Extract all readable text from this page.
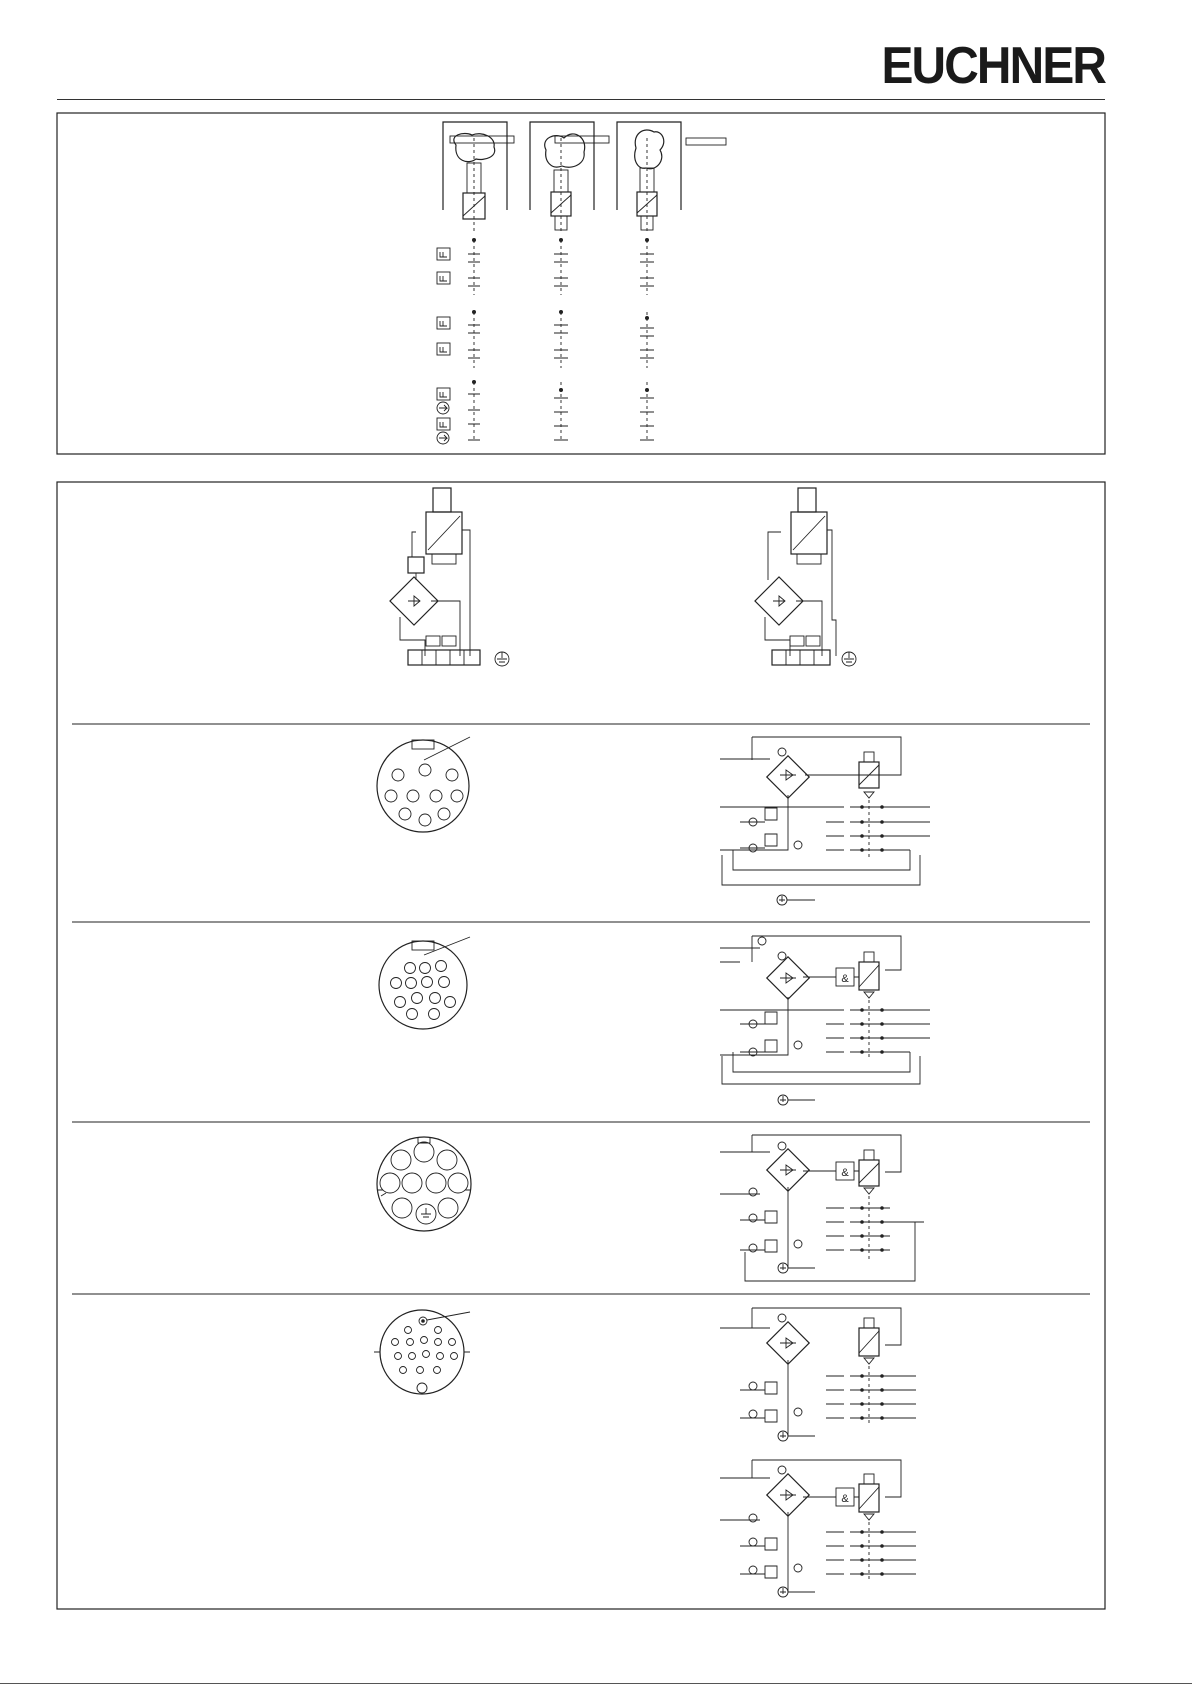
EUCHNER
&
&
&
